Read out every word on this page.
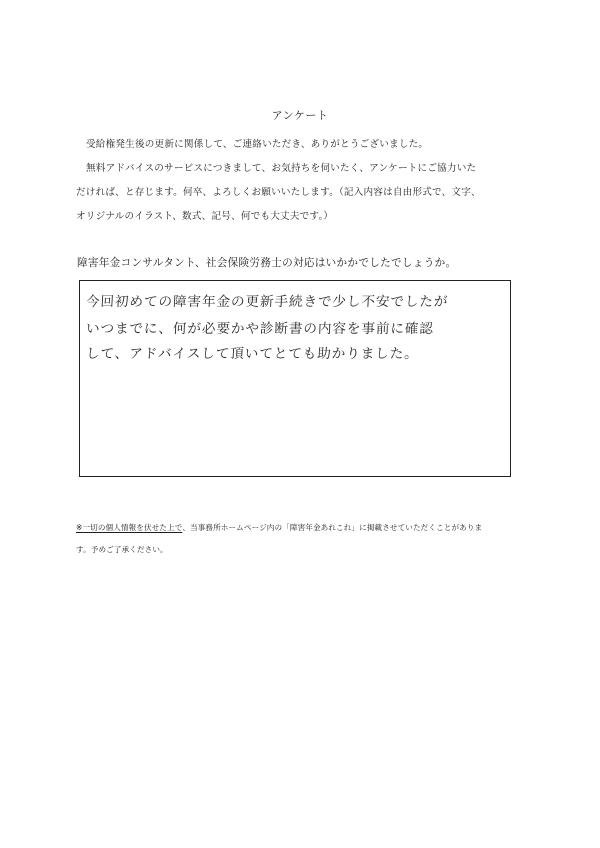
アンケート

受給権発生後の更新に関係して、ご連絡いただき、ありがとうございました。

無料アドバイスのサービスにつきまして、お気持ちを伺いたく、アンケートにご協力いた

だければ、と存じます。何卒、よろしくお願いいたします。（記入内容は自由形式で、文字、

オリジナルのイラスト、数式、記号、何でも大丈夫です。）

障害年金コンサルタント、社会保険労務士の対応はいかかでしたでしょうか。

今回初めての障害年金の更新手続きで少し不安でしたが

いつまでに、何が必要かや診断書の内容を事前に確認

して、アドバイスして頂いてとても助かりました。

※一切の個人情報を伏せた上で、当事務所ホームページ内の「障害年金あれこれ」に掲載させていただくことがありま

す。予めご了承ください。
